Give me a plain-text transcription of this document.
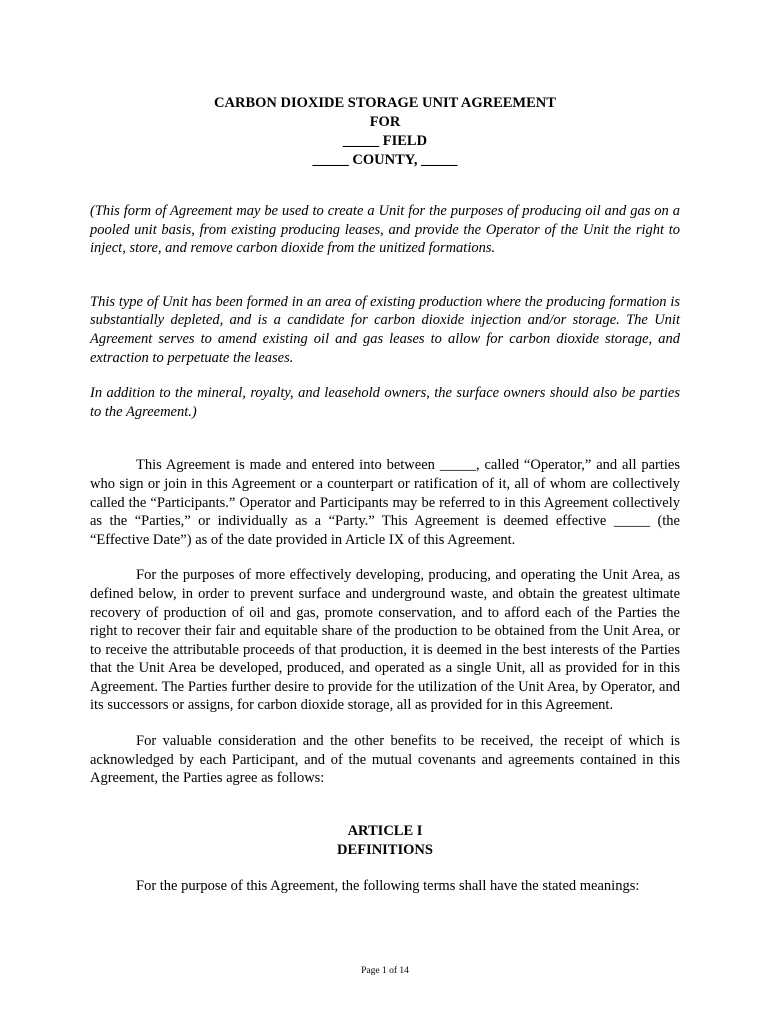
CARBON DIOXIDE STORAGE UNIT AGREEMENT
FOR
_____ FIELD
_____ COUNTY, _____

(This form of Agreement may be used to create a Unit for the purposes of producing oil and gas on a pooled unit basis, from existing producing leases, and provide the Operator of the Unit the right to inject, store, and remove carbon dioxide from the unitized formations.

This type of Unit has been formed in an area of existing production where the producing formation is substantially depleted, and is a candidate for carbon dioxide injection and/or storage. The Unit Agreement serves to amend existing oil and gas leases to allow for carbon dioxide storage, and extraction to perpetuate the leases.

In addition to the mineral, royalty, and leasehold owners, the surface owners should also be parties to the Agreement.)

This Agreement is made and entered into between _____, called “Operator,” and all parties who sign or join in this Agreement or a counterpart or ratification of it, all of whom are collectively called the “Participants.” Operator and Participants may be referred to in this Agreement collectively as the “Parties,” or individually as a “Party.” This Agreement is deemed effective _____ (the “Effective Date”) as of the date provided in Article IX of this Agreement.

For the purposes of more effectively developing, producing, and operating the Unit Area, as defined below, in order to prevent surface and underground waste, and obtain the greatest ultimate recovery of production of oil and gas, promote conservation, and to afford each of the Parties the right to recover their fair and equitable share of the production to be obtained from the Unit Area, or to receive the attributable proceeds of that production, it is deemed in the best interests of the Parties that the Unit Area be developed, produced, and operated as a single Unit, all as provided for in this Agreement. The Parties further desire to provide for the utilization of the Unit Area, by Operator, and its successors or assigns, for carbon dioxide storage, all as provided for in this Agreement.

For valuable consideration and the other benefits to be received, the receipt of which is acknowledged by each Participant, and of the mutual covenants and agreements contained in this Agreement, the Parties agree as follows:

ARTICLE I
DEFINITIONS

For the purpose of this Agreement, the following terms shall have the stated meanings:

Page 1 of 14
